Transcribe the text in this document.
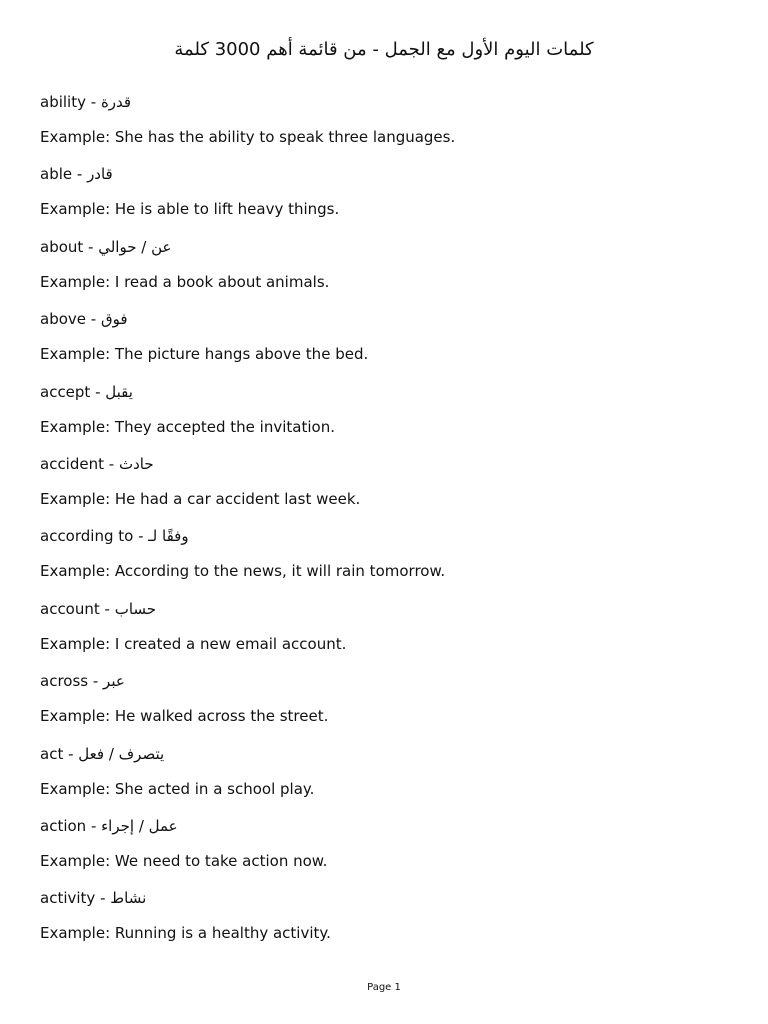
كلمات اليوم الأول مع الجمل - من قائمة أهم 3000 كلمة
ability - قدرة
Example: She has the ability to speak three languages.
able - قادر
Example: He is able to lift heavy things.
about - عن / حوالي
Example: I read a book about animals.
above - فوق
Example: The picture hangs above the bed.
accept - يقبل
Example: They accepted the invitation.
accident - حادث
Example: He had a car accident last week.
according to - وفقًا لـ
Example: According to the news, it will rain tomorrow.
account - حساب
Example: I created a new email account.
across - عبر
Example: He walked across the street.
act - يتصرف / فعل
Example: She acted in a school play.
action - عمل / إجراء
Example: We need to take action now.
activity - نشاط
Example: Running is a healthy activity.
Page 1
